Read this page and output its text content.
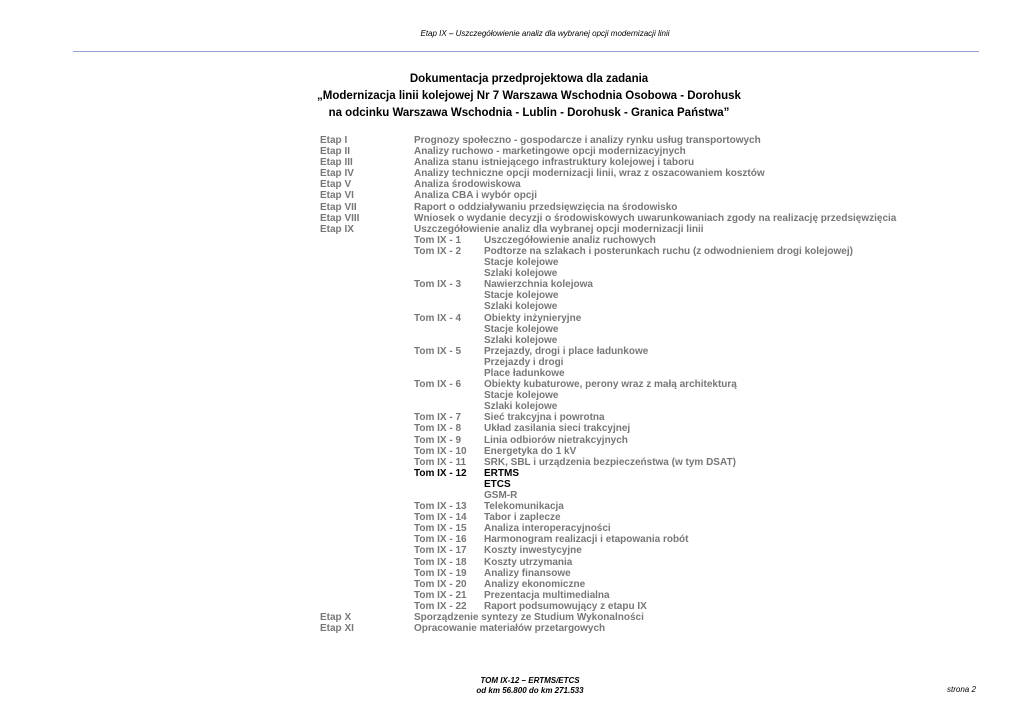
Etap IX – Uszczegółowienie analiz dla wybranej opcji modernizacji linii
Dokumentacja przedprojektowa dla zadania
„Modernizacja linii kolejowej Nr 7 Warszawa Wschodnia Osobowa - Dorohusk
na odcinku Warszawa Wschodnia - Lublin - Dorohusk - Granica Państwa”
Etap I	Prognozy społeczno - gospodarcze i analizy rynku usług transportowych
Etap II	Analizy ruchowo - marketingowe opcji modernizacyjnych
Etap III	Analiza stanu istniejącego infrastruktury kolejowej i taboru
Etap IV	Analizy techniczne opcji modernizacji linii, wraz z oszacowaniem kosztów
Etap V	Analiza środowiskowa
Etap VI	Analiza CBA i wybór opcji
Etap VII	Raport o oddziaływaniu przedsięwzięcia na środowisko
Etap VIII	Wniosek o wydanie decyzji o środowiskowych uwarunkowaniach zgody na realizację przedsięwzięcia
Etap IX	Uszczegółowienie analiz dla wybranej opcji modernizacji linii
Tom IX - 1 Uszczegółowienie analiz ruchowych
Tom IX - 2 Podtorze na szlakach i posterunkach ruchu (z odwodnieniem drogi kolejowej)
Stacje kolejowe
Szlaki kolejowe
Tom IX - 3 Nawierzchnia kolejowa
Stacje kolejowe
Szlaki kolejowe
Tom IX - 4 Obiekty inżynieryjne
Stacje kolejowe
Szlaki kolejowe
Tom IX - 5 Przejazdy, drogi i place ładunkowe
Przejazdy i drogi
Place ładunkowe
Tom IX - 6 Obiekty kubaturowe, perony wraz z małą architekturą
Stacje kolejowe
Szlaki kolejowe
Tom IX - 7 Sieć trakcyjna i powrotna
Tom IX - 8 Układ zasilania sieci trakcyjnej
Tom IX - 9 Linia odbiorów nietrakcyjnych
Tom IX - 10 Energetyka do 1 kV
Tom IX - 11 SRK, SBL i urządzenia bezpieczeństwa (w tym DSAT)
Tom IX - 12 ERTMS
ETCS
GSM-R
Tom IX - 13 Telekomunikacja
Tom IX - 14 Tabor i zaplecze
Tom IX - 15 Analiza interoperacyjności
Tom IX - 16 Harmonogram realizacji i etapowania robót
Tom IX - 17 Koszty inwestycyjne
Tom IX - 18 Koszty utrzymania
Tom IX - 19 Analizy finansowe
Tom IX - 20 Analizy ekonomiczne
Tom IX - 21 Prezentacja multimedialna
Tom IX - 22 Raport podsumowujący z etapu IX
Etap X	Sporządzenie syntezy ze Studium Wykonalności
Etap XI	Opracowanie materiałów przetargowych
TOM IX-12 – ERTMS/ETCS
od km 56.800 do km 271.533	strona 2
